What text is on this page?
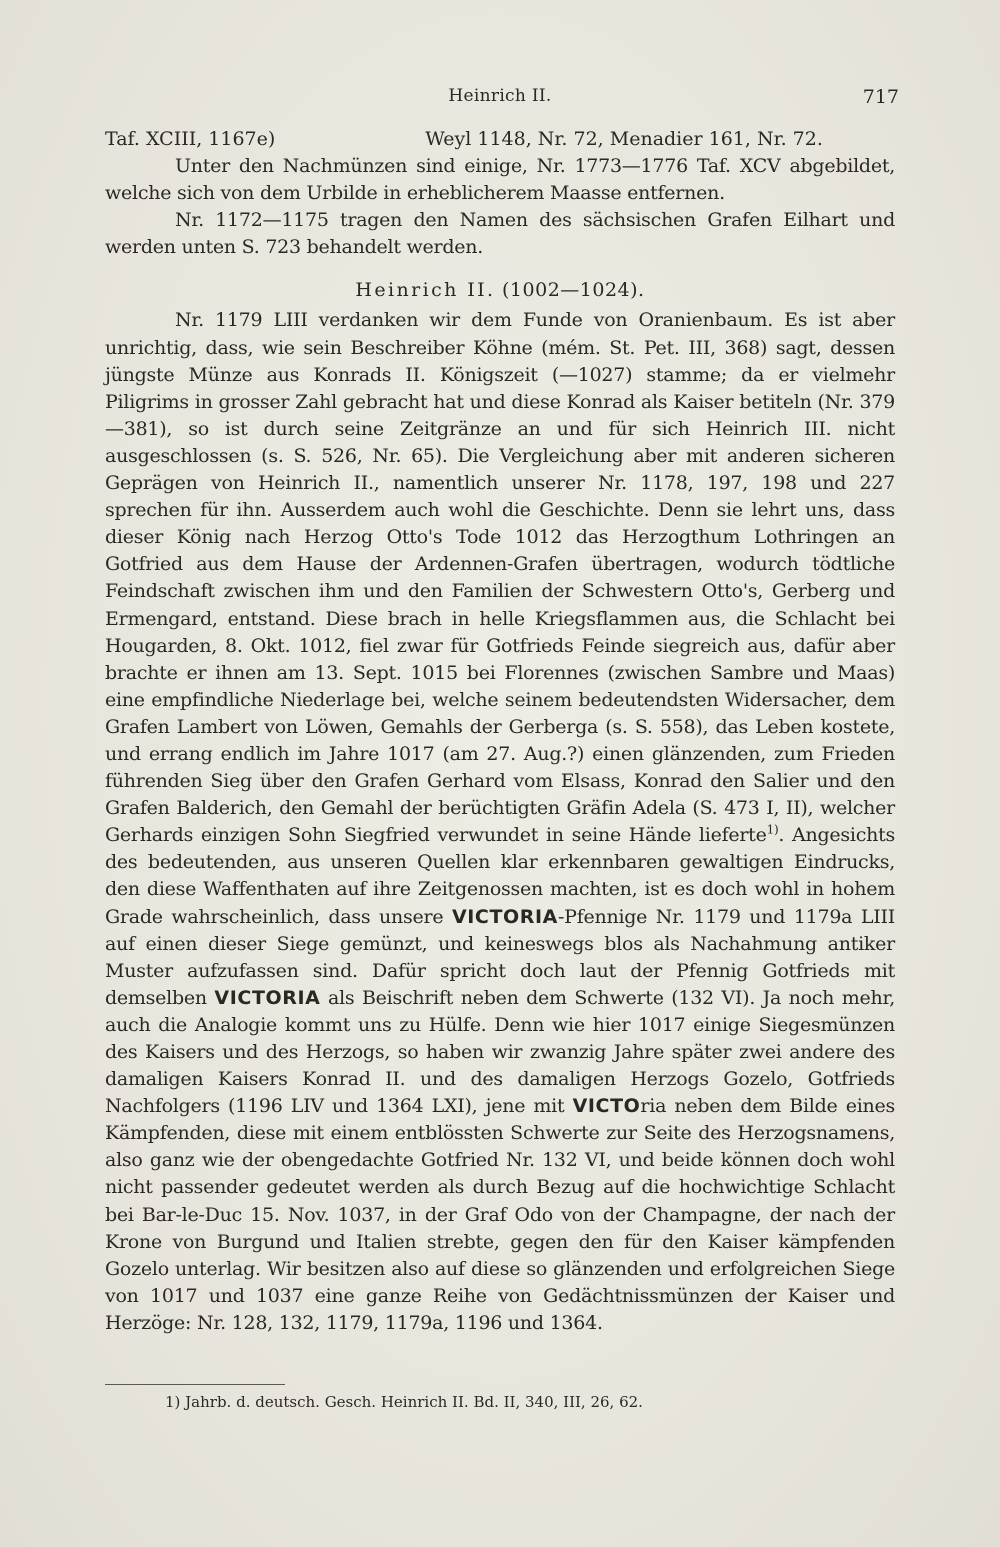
Heinrich II.	717

Taf. XCIII, 1167e)	Weyl 1148, Nr. 72, Menadier 161, Nr. 72.

Unter den Nachmünzen sind einige, Nr. 1773—1776 Taf. XCV abgebildet, welche sich von dem Urbilde in erheblicherem Maasse entfernen.

Nr. 1172—1175 tragen den Namen des sächsischen Grafen Eilhart und werden unten S. 723 behandelt werden.

Heinrich II. (1002—1024).

Nr. 1179 LIII verdanken wir dem Funde von Oranienbaum. Es ist aber unrichtig, dass, wie sein Beschreiber Köhne (mém. St. Pet. III, 368) sagt, dessen jüngste Münze aus Konrads II. Königszeit (—1027) stamme; da er vielmehr Piligrims in grosser Zahl gebracht hat und diese Konrad als Kaiser betiteln (Nr. 379 —381), so ist durch seine Zeitgränze an und für sich Heinrich III. nicht ausgeschlossen (s. S. 526, Nr. 65). Die Vergleichung aber mit anderen sicheren Geprägen von Heinrich II., namentlich unserer Nr. 1178, 197, 198 und 227 sprechen für ihn. Ausserdem auch wohl die Geschichte. Denn sie lehrt uns, dass dieser König nach Herzog Otto's Tode 1012 das Herzogthum Lothringen an Gotfried aus dem Hause der Ardennen-Grafen übertragen, wodurch tödtliche Feindschaft zwischen ihm und den Familien der Schwestern Otto's, Gerberg und Ermengard, entstand. Diese brach in helle Kriegsflammen aus, die Schlacht bei Hougarden, 8. Okt. 1012, fiel zwar für Gotfrieds Feinde siegreich aus, dafür aber brachte er ihnen am 13. Sept. 1015 bei Florennes (zwischen Sambre und Maas) eine empfindliche Niederlage bei, welche seinem bedeutendsten Widersacher, dem Grafen Lambert von Löwen, Gemahls der Gerberga (s. S. 558), das Leben kostete, und errang endlich im Jahre 1017 (am 27. Aug.?) einen glänzenden, zum Frieden führenden Sieg über den Grafen Gerhard vom Elsass, Konrad den Salier und den Grafen Balderich, den Gemahl der berüchtigten Gräfin Adela (S. 473 I, II), welcher Gerhards einzigen Sohn Siegfried verwundet in seine Hände lieferte$^{1)}$. Angesichts des bedeutenden, aus unseren Quellen klar erkennbaren gewaltigen Eindrucks, den diese Waffenthaten auf ihre Zeitgenossen machten, ist es doch wohl in hohem Grade wahrscheinlich, dass unsere VICTORIA-Pfennige Nr. 1179 und 1179a LIII auf einen dieser Siege gemünzt, und keineswegs blos als Nachahmung antiker Muster aufzufassen sind. Dafür spricht doch laut der Pfennig Gotfrieds mit demselben VICTORIA als Beischrift neben dem Schwerte (132 VI). Ja noch mehr, auch die Analogie kommt uns zu Hülfe. Denn wie hier 1017 einige Siegesmünzen des Kaisers und des Herzogs, so haben wir zwanzig Jahre später zwei andere des damaligen Kaisers Konrad II. und des damaligen Herzogs Gozelo, Gotfrieds Nachfolgers (1196 LIV und 1364 LXI), jene mit VICTOria neben dem Bilde eines Kämpfenden, diese mit einem entblössten Schwerte zur Seite des Herzogsnamens, also ganz wie der obengedachte Gotfried Nr. 132 VI, und beide können doch wohl nicht passender gedeutet werden als durch Bezug auf die hochwichtige Schlacht bei Bar-le-Duc 15. Nov. 1037, in der Graf Odo von der Champagne, der nach der Krone von Burgund und Italien strebte, gegen den für den Kaiser kämpfenden Gozelo unterlag. Wir besitzen also auf diese so glänzenden und erfolgreichen Siege von 1017 und 1037 eine ganze Reihe von Gedächtnissmünzen der Kaiser und Herzöge: Nr. 128, 132, 1179, 1179a, 1196 und 1364.

1) Jahrb. d. deutsch. Gesch. Heinrich II. Bd. II, 340, III, 26, 62.
